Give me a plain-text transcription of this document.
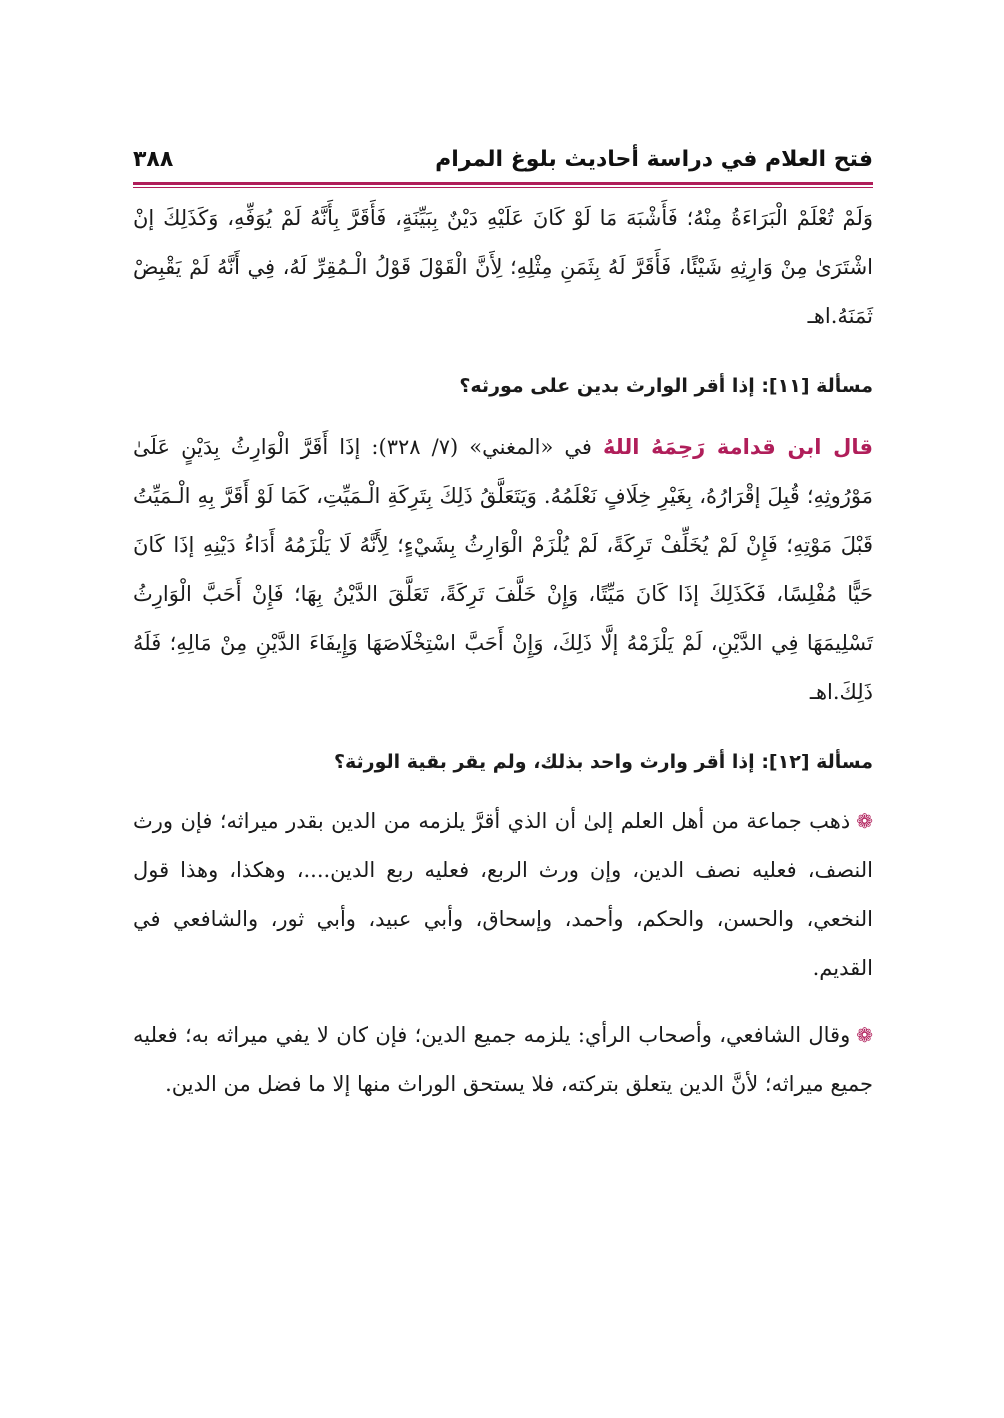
فتح العلام في دراسة أحاديث بلوغ المرام
٣٨٨

وَلَمْ تُعْلَمْ الْبَرَاءَةُ مِنْهُ؛ فَأَشْبَهَ مَا لَوْ كَانَ عَلَيْهِ دَيْنٌ بِبَيِّنَةٍ، فَأَقَرَّ بِأَنَّهُ لَمْ يُوَفِّهِ، وَكَذَلِكَ إنْ اشْتَرَىٰ مِنْ وَارِثِهِ شَيْئًا، فَأَقَرَّ لَهُ بِثَمَنِ مِثْلِهِ؛ لِأَنَّ الْقَوْلَ قَوْلُ الْـمُقِرِّ لَهُ، فِي أَنَّهُ لَمْ يَقْبِضْ ثَمَنَهُ.اهـ

مسألة [١١]: إذا أقر الوارث بدين على مورثه؟

قال ابن قدامة رَحِمَهُ اللهُ في «المغني» (٧/ ٣٢٨): إذَا أَقَرَّ الْوَارِثُ بِدَيْنٍ عَلَىٰ مَوْرُوثِهِ؛ قُبِلَ إقْرَارُهُ، بِغَيْرِ خِلَافٍ نَعْلَمُهُ. وَيَتَعَلَّقُ ذَلِكَ بِتَرِكَةِ الْـمَيِّتِ، كَمَا لَوْ أَقَرَّ بِهِ الْـمَيِّتُ قَبْلَ مَوْتِهِ؛ فَإِنْ لَمْ يُخَلِّفْ تَرِكَةً، لَمْ يُلْزَمْ الْوَارِثُ بِشَيْءٍ؛ لِأَنَّهُ لَا يَلْزَمُهُ أَدَاءُ دَيْنِهِ إذَا كَانَ حَيًّا مُفْلِسًا، فَكَذَلِكَ إذَا كَانَ مَيِّتًا، وَإِنْ خَلَّفَ تَرِكَةً، تَعَلَّقَ الدَّيْنُ بِهَا؛ فَإِنْ أَحَبَّ الْوَارِثُ تَسْلِيمَهَا فِي الدَّيْنِ، لَمْ يَلْزَمْهُ إلَّا ذَلِكَ، وَإِنْ أَحَبَّ اسْتِخْلَاصَهَا وَإِيفَاءَ الدَّيْنِ مِنْ مَالِهِ؛ فَلَهُ ذَلِكَ.اهـ

مسألة [١٢]: إذا أقر وارث واحد بذلك، ولم يقر بقية الورثة؟

❁ذهب جماعة من أهل العلم إلىٰ أن الذي أقرَّ يلزمه من الدين بقدر ميراثه؛ فإن ورث النصف، فعليه نصف الدين، وإن ورث الربع، فعليه ربع الدين....، وهكذا، وهذا قول النخعي، والحسن، والحكم، وأحمد، وإسحاق، وأبي عبيد، وأبي ثور، والشافعي في القديم.

❁وقال الشافعي، وأصحاب الرأي: يلزمه جميع الدين؛ فإن كان لا يفي ميراثه به؛ فعليه جميع ميراثه؛ لأنَّ الدين يتعلق بتركته، فلا يستحق الوراث منها إلا ما فضل من الدين.
